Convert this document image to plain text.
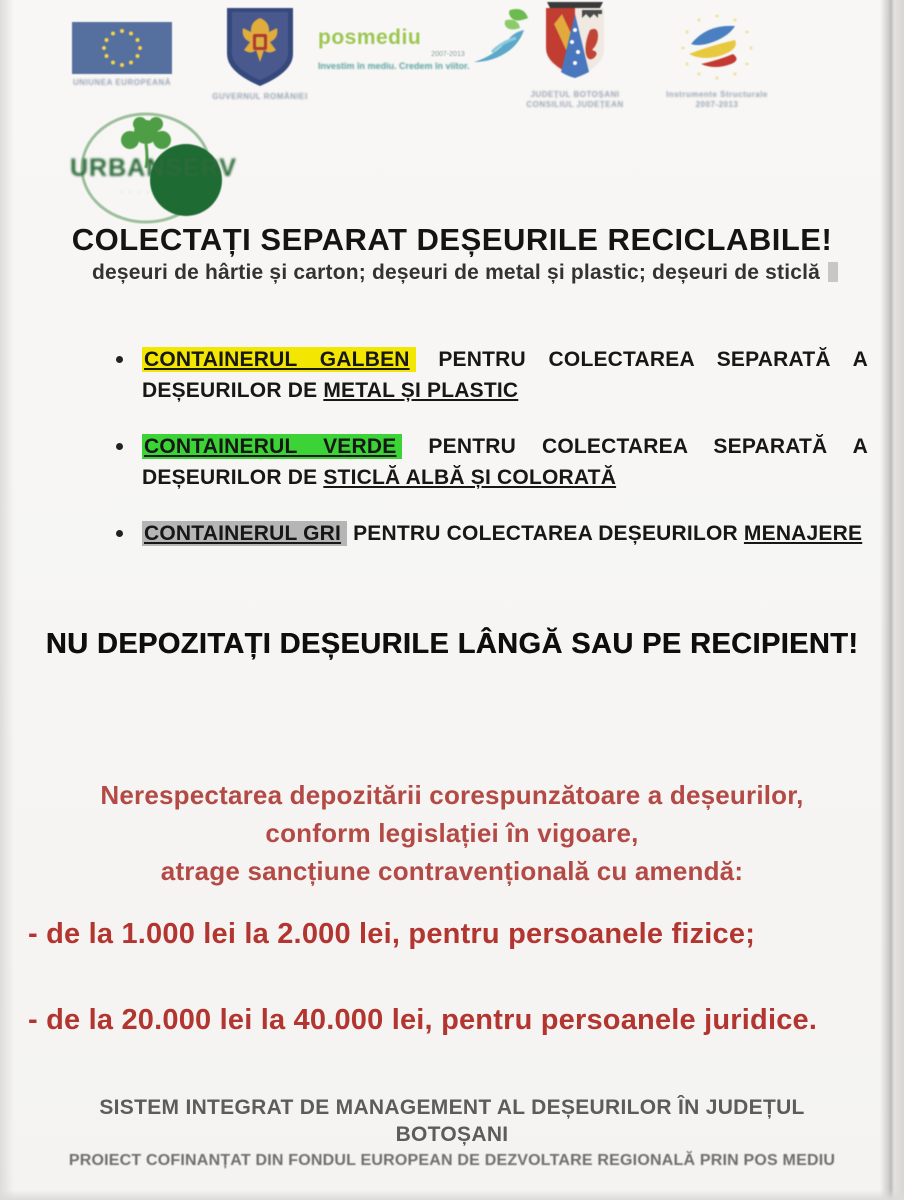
UNIUNEA EUROPEANĂ
GUVERNUL ROMÂNIEI
posmediu
2007-2013
Investim în mediu. Credem în viitor.
JUDEȚUL BOTOȘANI
CONSILIUL JUDEȚEAN
Instrumente Structurale
2007-2013
URBANSERV
· · · · · ·
COLECTAȚI SEPARAT DEȘEURILE RECICLABILE!
deșeuri de hârtie și carton; deșeuri de metal și plastic; deșeuri de sticlă
CONTAINERUL GALBEN PENTRU COLECTAREA SEPARATĂ A DEȘEURILOR DE METAL ȘI PLASTIC
CONTAINERUL VERDE PENTRU COLECTAREA SEPARATĂ A DEȘEURILOR DE STICLĂ ALBĂ ȘI COLORATĂ
CONTAINERUL GRI PENTRU COLECTAREA DEȘEURILOR MENAJERE
NU DEPOZITAȚI DEȘEURILE LÂNGĂ SAU PE RECIPIENT!
Nerespectarea depozitării corespunzătoare a deșeurilor,
conform legislației în vigoare,
atrage sancțiune contravențională cu amendă:
- de la 1.000 lei la 2.000 lei, pentru persoanele fizice;
- de la 20.000 lei la 40.000 lei, pentru persoanele juridice.
SISTEM INTEGRAT DE MANAGEMENT AL DEȘEURILOR ÎN JUDEȚUL BOTOȘANI
PROIECT COFINANȚAT DIN FONDUL EUROPEAN DE DEZVOLTARE REGIONALĂ PRIN POS MEDIU
